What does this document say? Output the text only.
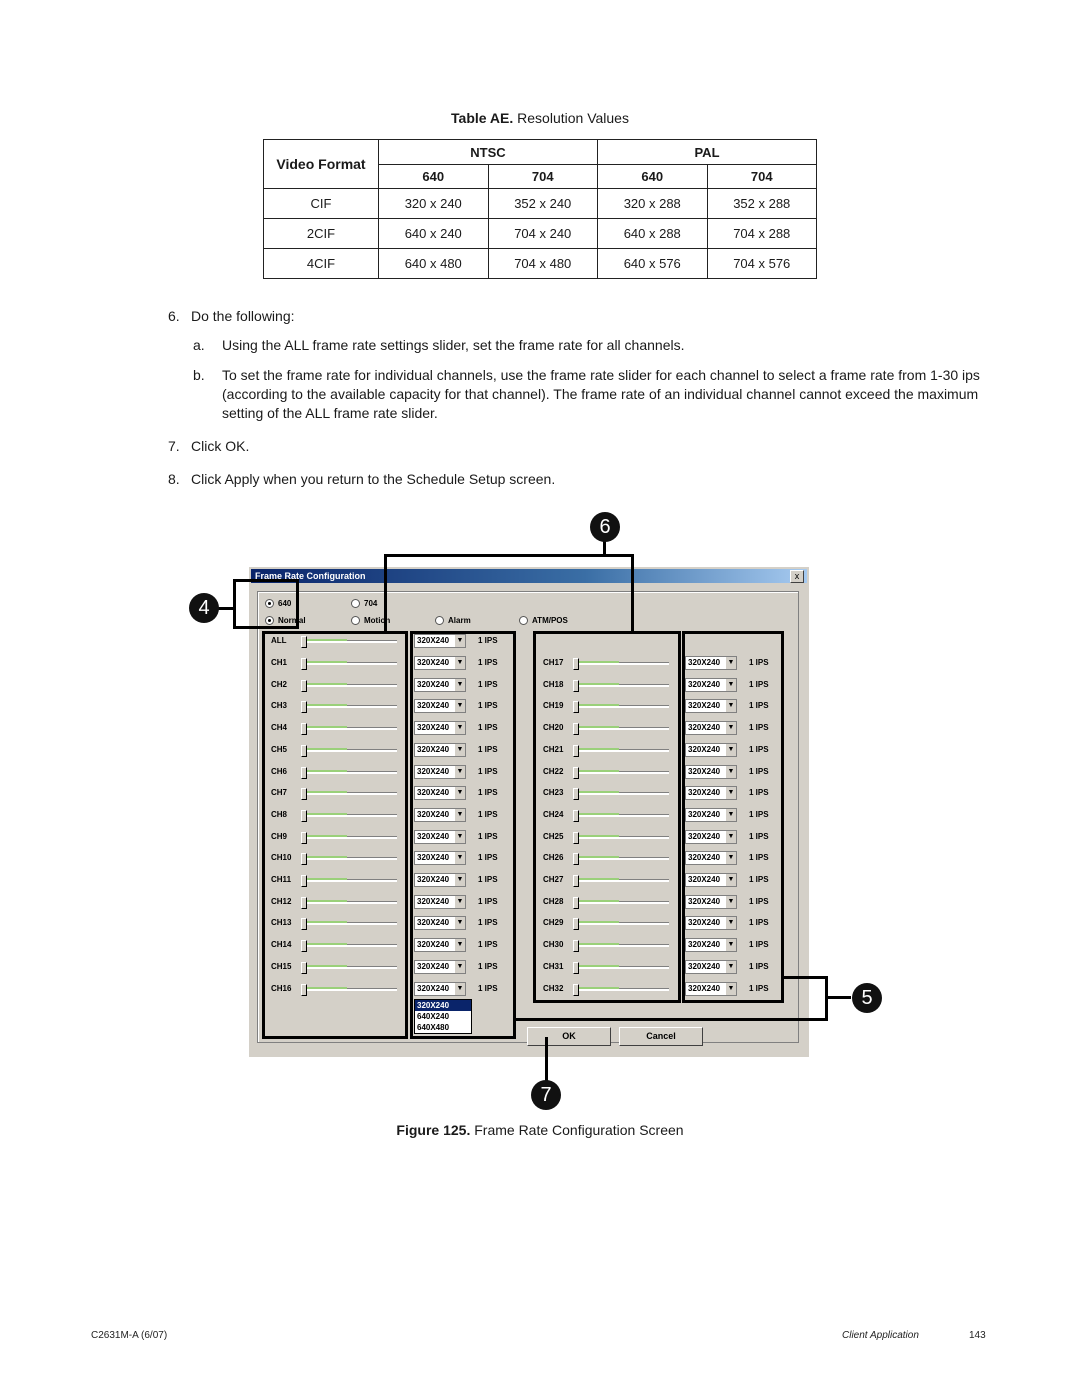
Table AE. Resolution Values
Video Format	NTSC		PAL	
	640	704	640	704
CIF	320 x 240	352 x 240	320 x 288	352 x 288
2CIF	640 x 240	704 x 240	640 x 288	704 x 288
4CIF	640 x 480	704 x 480	640 x 576	704 x 576
6. Do the following:
a. Using the ALL frame rate settings slider, set the frame rate for all channels.
b. To set the frame rate for individual channels, use the frame rate slider for each channel to select a frame rate from 1-30 ips (according to the available capacity for that channel). The frame rate of an individual channel cannot exceed the maximum setting of the ALL frame rate slider.
7. Click OK.
8. Click Apply when you return to the Schedule Setup screen.
Frame Rate Configuration	x
640	704
Normal	Motion	Alarm	ATM/POS
ALL	320X240 ▼ 1 IPS
CH1	320X240 ▼ 1 IPS
CH2	320X240 ▼ 1 IPS
CH3	320X240 ▼ 1 IPS
CH4	320X240 ▼ 1 IPS
CH5	320X240 ▼ 1 IPS
CH6	320X240 ▼ 1 IPS
CH7	320X240 ▼ 1 IPS
CH8	320X240 ▼ 1 IPS
CH9	320X240 ▼ 1 IPS
CH10	320X240 ▼ 1 IPS
CH11	320X240 ▼ 1 IPS
CH12	320X240 ▼ 1 IPS
CH13	320X240 ▼ 1 IPS
CH14	320X240 ▼ 1 IPS
CH15	320X240 ▼ 1 IPS
CH16	320X240 ▼ 1 IPS
CH17	320X240 ▼ 1 IPS
CH18	320X240 ▼ 1 IPS
CH19	320X240 ▼ 1 IPS
CH20	320X240 ▼ 1 IPS
CH21	320X240 ▼ 1 IPS
CH22	320X240 ▼ 1 IPS
CH23	320X240 ▼ 1 IPS
CH24	320X240 ▼ 1 IPS
CH25	320X240 ▼ 1 IPS
CH26	320X240 ▼ 1 IPS
CH27	320X240 ▼ 1 IPS
CH28	320X240 ▼ 1 IPS
CH29	320X240 ▼ 1 IPS
CH30	320X240 ▼ 1 IPS
CH31	320X240 ▼ 1 IPS
CH32	320X240 ▼ 1 IPS
320X240
640X240
640X480
OK	Cancel
6
4
5
7
Figure 125. Frame Rate Configuration Screen
C2631M-A (6/07)	Client Application	143
